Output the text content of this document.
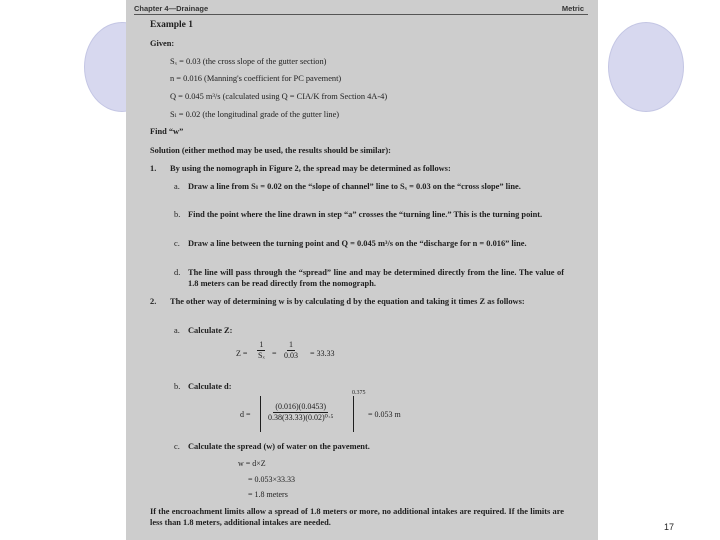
Chapter 4—Drainage	Metric
Example 1
Given:
Sₓ = 0.03 (the cross slope of the gutter section)
n = 0.016 (Manning's coefficient for PC pavement)
Q = 0.045 m³/s (calculated using Q = CIA/K from Section 4A-4)
Sₗ = 0.02 (the longitudinal grade of the gutter line)
Find “w”
Solution (either method may be used, the results should be similar):
1. By using the nomograph in Figure 2, the spread may be determined as follows:
a. Draw a line from Sₗ = 0.02 on the “slope of channel” line to Sₓ = 0.03 on the “cross slope” line.
b. Find the point where the line drawn in step “a” crosses the “turning line.” This is the turning point.
c. Draw a line between the turning point and Q = 0.045 m³/s on the “discharge for n = 0.016” line.
d. The line will pass through the “spread” line and may be determined directly from the line. The value of 1.8 meters can be read directly from the nomograph.
2. The other way of determining w is by calculating d by the equation and taking it times Z as follows:
a. Calculate Z:
$Z = \frac{1}{\text{Sₓ}} = \frac{1}{0.03} = 33.33$
b. Calculate d:
$d = \frac{(0.016)(0.0453)}{\text{0.38(33.33)(0.02)⁰·⁵}}$
0.375
= 0.053 m
c. Calculate the spread (w) of water on the pavement.
w = d×Z
= 0.053×33.33
= 1.8 meters
If the encroachment limits allow a spread of 1.8 meters or more, no additional intakes are required. If the limits are less than 1.8 meters, additional intakes are needed.	17
